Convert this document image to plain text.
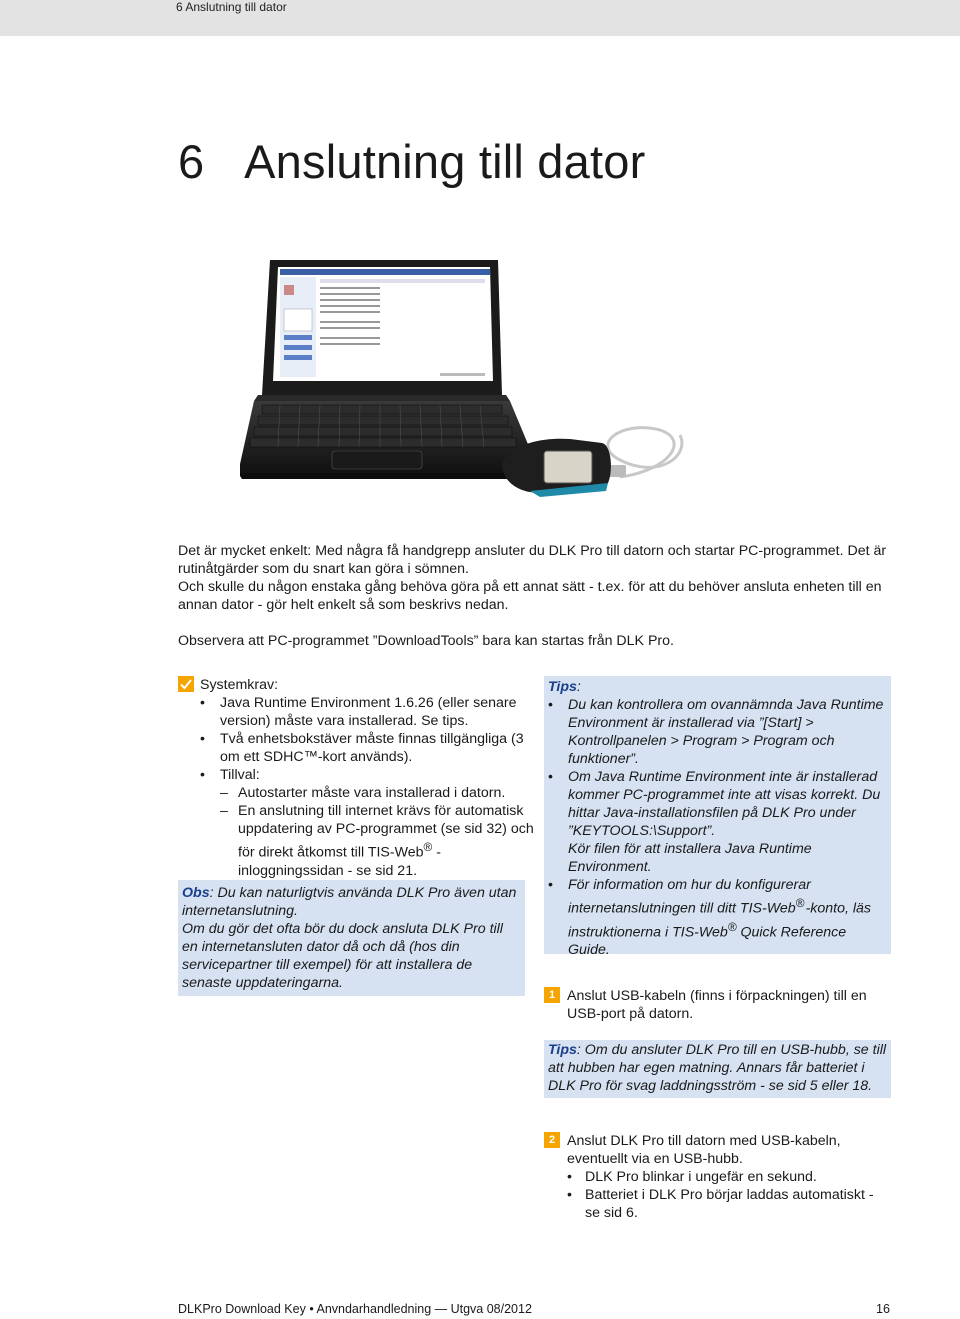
6 Anslutning till dator
6 Anslutning till dator

Det är mycket enkelt: Med några få handgrepp ansluter du DLK Pro till datorn och startar PC-programmet. Det är rutinåtgärder som du snart kan göra i sömnen.

Och skulle du någon enstaka gång behöva göra på ett annat sätt - t.ex. för att du behöver ansluta enheten till en annan dator - gör helt enkelt så som beskrivs nedan.

Observera att PC-programmet ”DownloadTools” bara kan startas från DLK Pro.

Systemkrav:
• Java Runtime Environment 1.6.26 (eller senare version) måste vara installerad. Se tips.
• Två enhetsbokstäver måste finnas tillgängliga (3 om ett SDHC™-kort används).
• Tillval:
– Autostarter måste vara installerad i datorn.
– En anslutning till internet krävs för automatisk uppdatering av PC-programmet (se sid 32) och för direkt åtkomst till TIS-Web® -inloggningssidan - se sid 21.

Obs: Du kan naturligtvis använda DLK Pro även utan internetanslutning.
Om du gör det ofta bör du dock ansluta DLK Pro till en internetansluten dator då och då (hos din servicepartner till exempel) för att installera de senaste uppdateringarna.

Tips:
• Du kan kontrollera om ovannämnda Java Runtime Environment är installerad via ”[Start] > Kontrollpanelen > Program > Program och funktioner”.
• Om Java Runtime Environment inte är installerad kommer PC-programmet inte att visas korrekt. Du hittar Java-installationsfilen på DLK Pro under ”KEYTOOLS:\Support”.
Kör filen för att installera Java Runtime Environment.
• För information om hur du konfigurerar internetanslutningen till ditt TIS-Web® -konto, läs instruktionerna i TIS-Web® Quick Reference Guide.
1 Anslut USB-kabeln (finns i förpackningen) till en USB-port på datorn.

Tips: Om du ansluter DLK Pro till en USB-hubb, se till att hubben har egen matning. Annars får batteriet i DLK Pro för svag laddningsström - se sid 5 eller 18.

2 Anslut DLK Pro till datorn med USB-kabeln, eventuellt via en USB-hubb.
• DLK Pro blinkar i ungefär en sekund.
• Batteriet i DLK Pro börjar laddas automatiskt - se sid 6.
DLKPro Download Key • Anvndarhandledning — Utgva 08/2012	16
